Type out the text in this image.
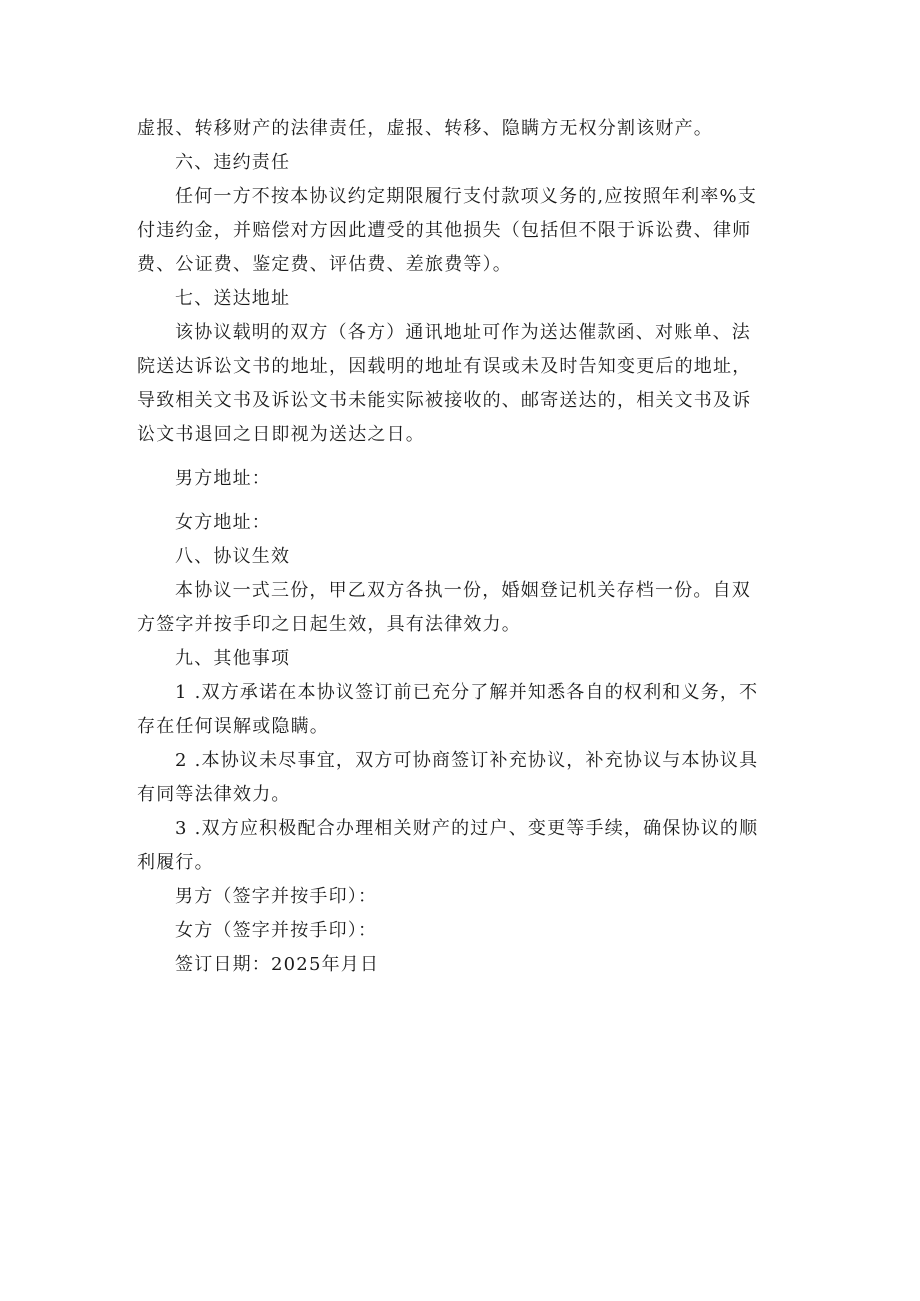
虚报、转移财产的法律责任，虚报、转移、隐瞒方无权分割该财产。
六、违约责任
任何一方不按本协议约定期限履行支付款项义务的,应按照年利率%支
付违约金，并赔偿对方因此遭受的其他损失（包括但不限于诉讼费、律师
费、公证费、鉴定费、评估费、差旅费等）。
七、送达地址
该协议载明的双方（各方）通讯地址可作为送达催款函、对账单、法
院送达诉讼文书的地址，因载明的地址有误或未及时告知变更后的地址，
导致相关文书及诉讼文书未能实际被接收的、邮寄送达的，相关文书及诉
讼文书退回之日即视为送达之日。
男方地址：
女方地址：
八、协议生效
本协议一式三份，甲乙双方各执一份，婚姻登记机关存档一份。自双
方签字并按手印之日起生效，具有法律效力。
九、其他事项
1 .双方承诺在本协议签订前已充分了解并知悉各自的权利和义务，不
存在任何误解或隐瞒。
2 .本协议未尽事宜，双方可协商签订补充协议，补充协议与本协议具
有同等法律效力。
3 .双方应积极配合办理相关财产的过户、变更等手续，确保协议的顺
利履行。
男方（签字并按手印）：
女方（签字并按手印）：
签订日期：2025年月日
